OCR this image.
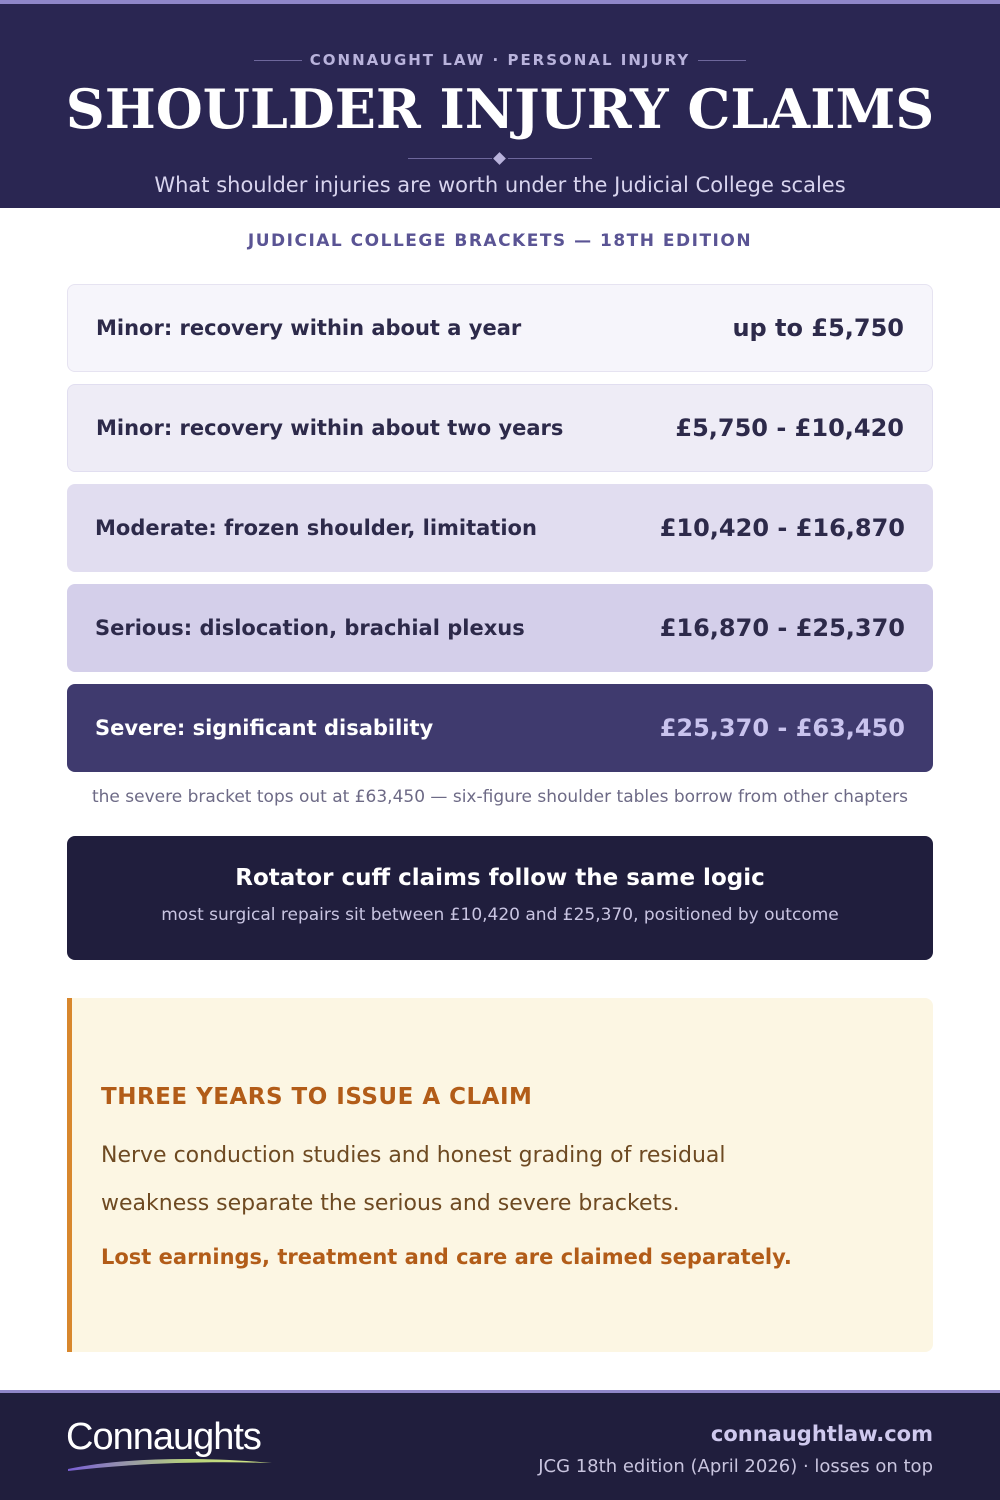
CONNAUGHT LAW · PERSONAL INJURY
SHOULDER INJURY CLAIMS

What shoulder injuries are worth under the Judicial College scales

JUDICIAL COLLEGE BRACKETS — 18TH EDITION
Minor: recovery within about a year	up to £5,750
Minor: recovery within about two years	£5,750 - £10,420
Moderate: frozen shoulder, limitation	£10,420 - £16,870
Serious: dislocation, brachial plexus	£16,870 - £25,370
Severe: significant disability	£25,370 - £63,450

the severe bracket tops out at £63,450 — six-figure shoulder tables borrow from other chapters

Rotator cuff claims follow the same logic
most surgical repairs sit between £10,420 and £25,370, positioned by outcome
THREE YEARS TO ISSUE A CLAIM

Nerve conduction studies and honest grading of residual weakness separate the serious and severe brackets.

Lost earnings, treatment and care are claimed separately.

Connaughts	connaughtlaw.com
JCG 18th edition (April 2026) · losses on top
